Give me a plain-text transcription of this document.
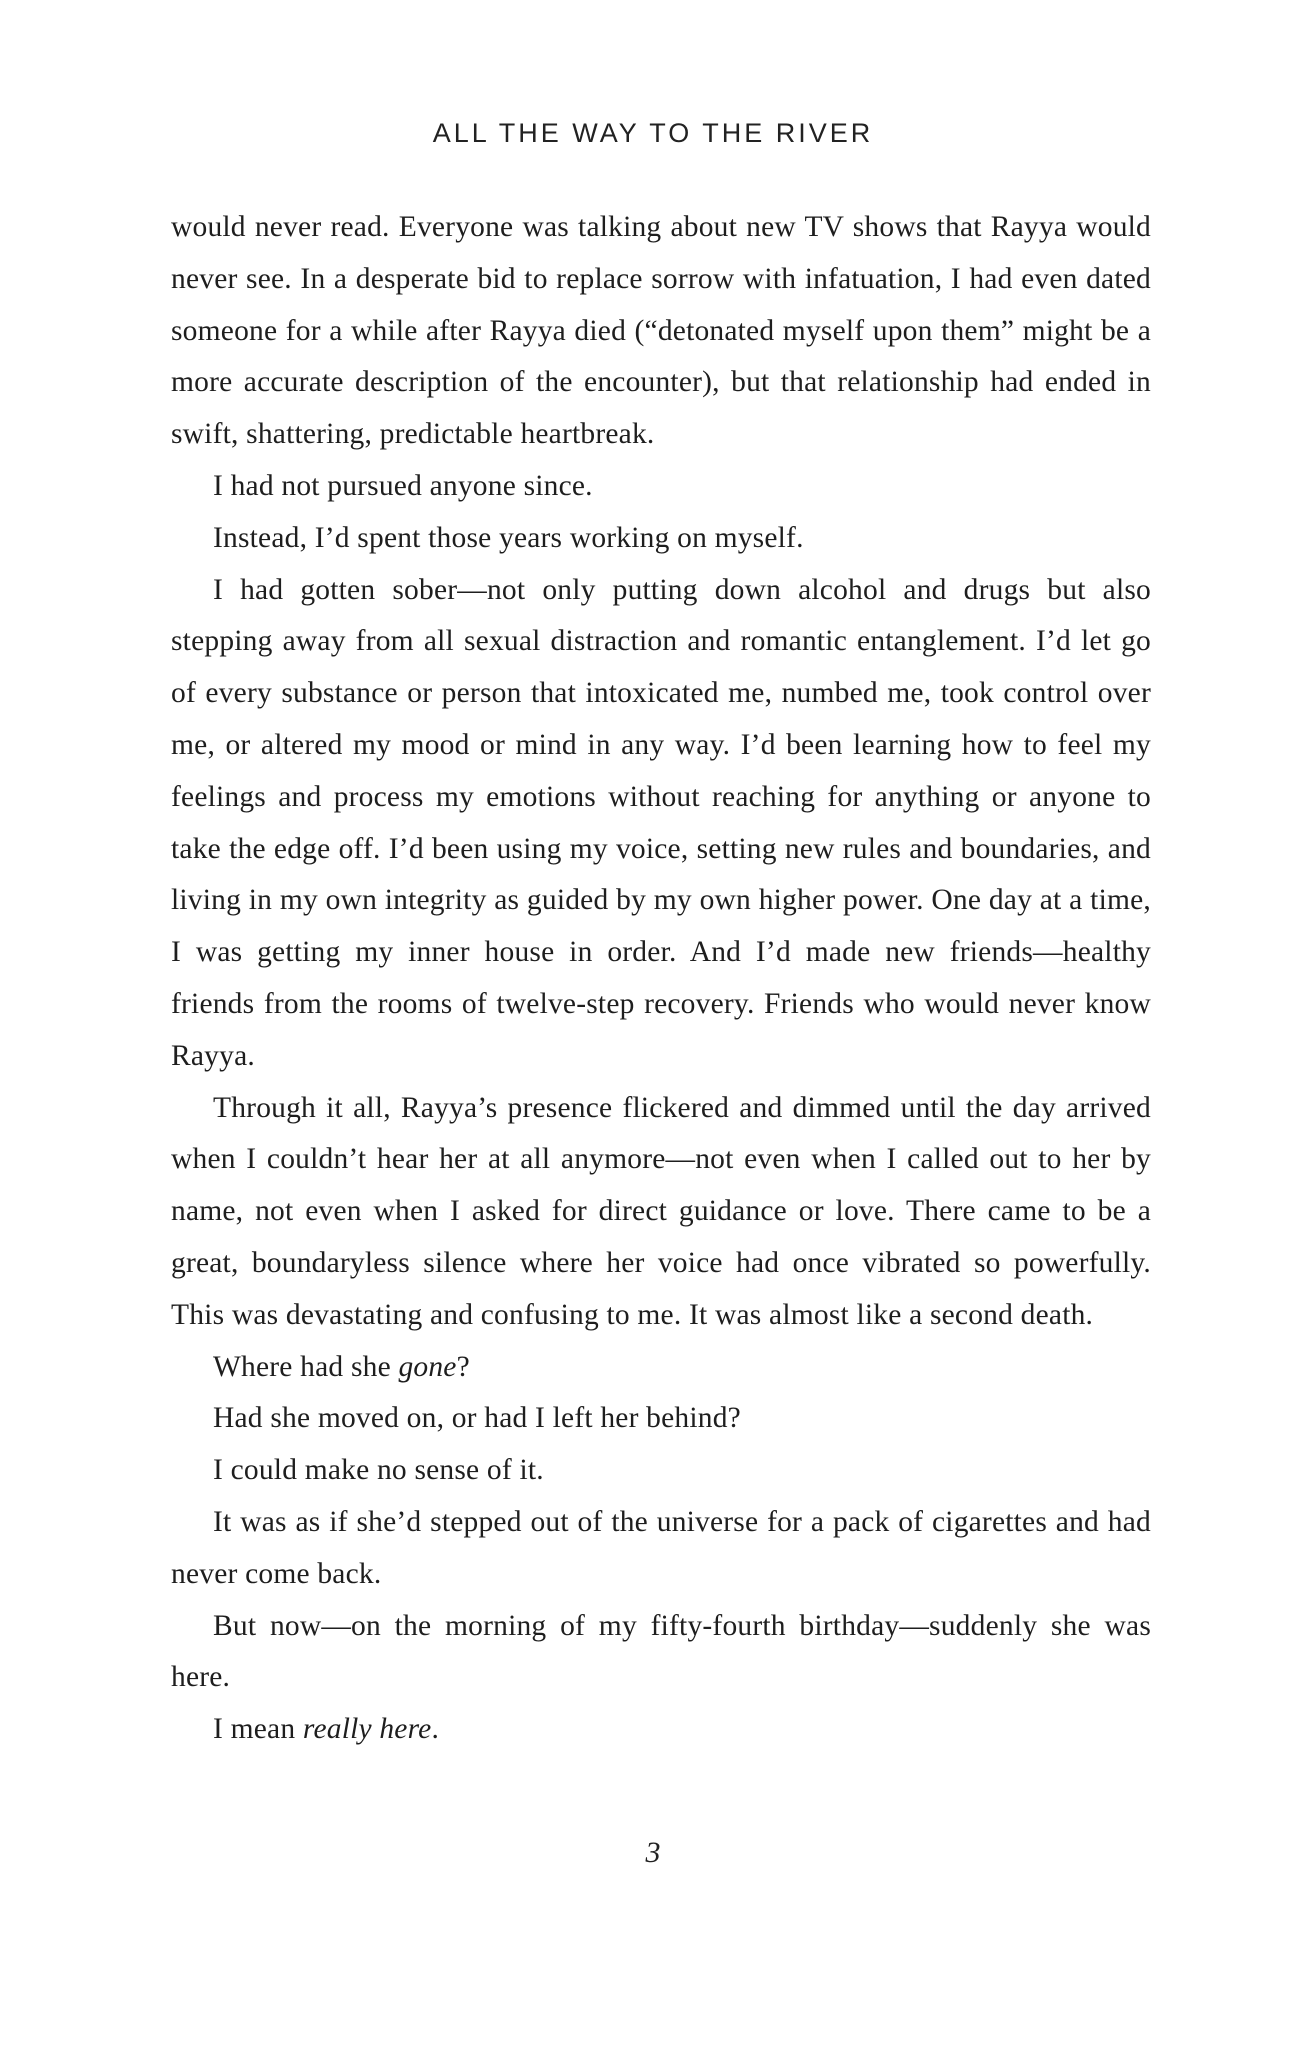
ALL THE WAY TO THE RIVER

would never read. Everyone was talking about new TV shows that Rayya would never see. In a desperate bid to replace sorrow with infatuation, I had even dated someone for a while after Rayya died (“detonated myself upon them” might be a more accurate description of the encounter), but that relationship had ended in swift, shattering, predictable heartbreak.

I had not pursued anyone since.

Instead, I’d spent those years working on myself.

I had gotten sober—not only putting down alcohol and drugs but also stepping away from all sexual distraction and romantic entanglement. I’d let go of every substance or person that intoxicated me, numbed me, took control over me, or altered my mood or mind in any way. I’d been learning how to feel my feelings and process my emotions without reaching for anything or anyone to take the edge off. I’d been using my voice, setting new rules and boundaries, and living in my own integrity as guided by my own higher power. One day at a time, I was getting my inner house in order. And I’d made new friends—healthy friends from the rooms of twelve-step recovery. Friends who would never know Rayya.

Through it all, Rayya’s presence flickered and dimmed until the day arrived when I couldn’t hear her at all anymore—not even when I called out to her by name, not even when I asked for direct guidance or love. There came to be a great, boundaryless silence where her voice had once vibrated so powerfully. This was devastating and confusing to me. It was almost like a second death.

Where had she gone?

Had she moved on, or had I left her behind?

I could make no sense of it.

It was as if she’d stepped out of the universe for a pack of cigarettes and had never come back.

But now—on the morning of my fifty-fourth birthday—suddenly she was here.

I mean really here.

3
